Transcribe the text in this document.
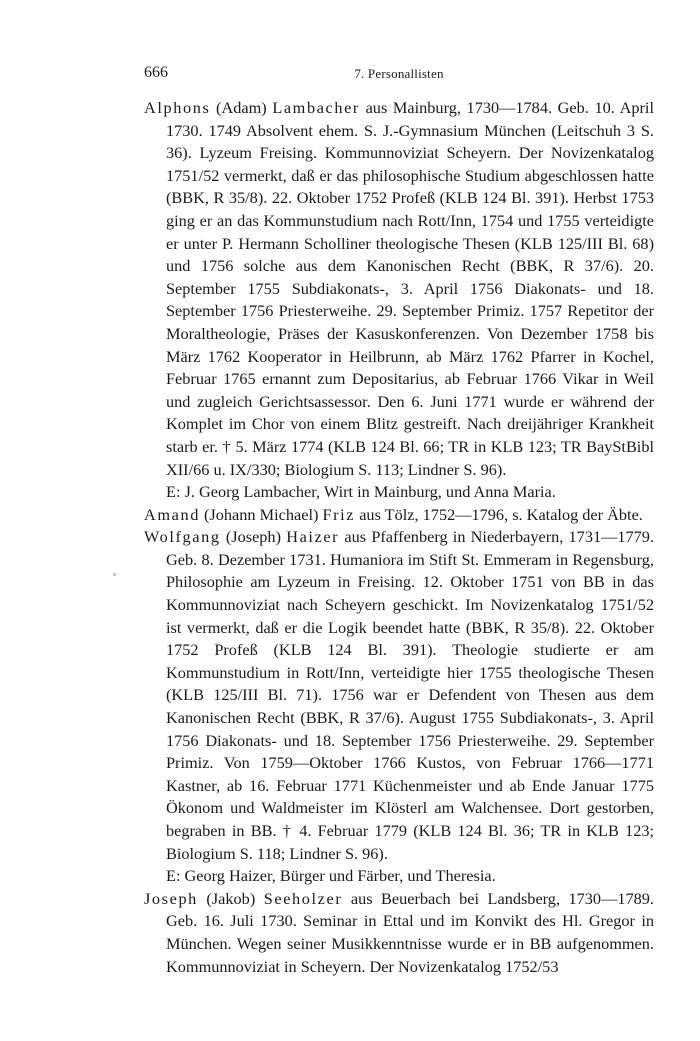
666	7. Personallisten

Alphons (Adam) Lambacher aus Mainburg, 1730—1784. Geb. 10. April 1730. 1749 Absolvent ehem. S. J.-Gymnasium München (Leitschuh 3 S. 36). Lyzeum Freising. Kommunnoviziat Scheyern. Der Novizenkatalog 1751/52 vermerkt, daß er das philosophische Studium abgeschlossen hatte (BBK, R 35/8). 22. Oktober 1752 Profeß (KLB 124 Bl. 391). Herbst 1753 ging er an das Kommunstudium nach Rott/Inn, 1754 und 1755 verteidigte er unter P. Hermann Scholliner theologische Thesen (KLB 125/III Bl. 68) und 1756 solche aus dem Kanonischen Recht (BBK, R 37/6). 20. September 1755 Subdiakonats-, 3. April 1756 Diakonats- und 18. September 1756 Priesterweihe. 29. September Primiz. 1757 Repetitor der Moraltheologie, Präses der Kasuskonferenzen. Von Dezember 1758 bis März 1762 Kooperator in Heilbrunn, ab März 1762 Pfarrer in Kochel, Februar 1765 ernannt zum Depositarius, ab Februar 1766 Vikar in Weil und zugleich Gerichtsassessor. Den 6. Juni 1771 wurde er während der Komplet im Chor von einem Blitz gestreift. Nach dreijähriger Krankheit starb er. † 5. März 1774 (KLB 124 Bl. 66; TR in KLB 123; TR BayStBibl XII/66 u. IX/330; Biologium S. 113; Lindner S. 96).

E: J. Georg Lambacher, Wirt in Mainburg, und Anna Maria.

Amand (Johann Michael) Friz aus Tölz, 1752—1796, s. Katalog der Äbte.

Wolfgang (Joseph) Haizer aus Pfaffenberg in Niederbayern, 1731—1779. Geb. 8. Dezember 1731. Humaniora im Stift St. Emmeram in Regensburg, Philosophie am Lyzeum in Freising. 12. Oktober 1751 von BB in das Kommunnoviziat nach Scheyern geschickt. Im Novizenkatalog 1751/52 ist vermerkt, daß er die Logik beendet hatte (BBK, R 35/8). 22. Oktober 1752 Profeß (KLB 124 Bl. 391). Theologie studierte er am Kommunstudium in Rott/Inn, verteidigte hier 1755 theologische Thesen (KLB 125/III Bl. 71). 1756 war er Defendent von Thesen aus dem Kanonischen Recht (BBK, R 37/6). August 1755 Subdiakonats-, 3. April 1756 Diakonats- und 18. September 1756 Priesterweihe. 29. September Primiz. Von 1759—Oktober 1766 Kustos, von Februar 1766—1771 Kastner, ab 16. Februar 1771 Küchenmeister und ab Ende Januar 1775 Ökonom und Waldmeister im Klösterl am Walchensee. Dort gestorben, begraben in BB. † 4. Februar 1779 (KLB 124 Bl. 36; TR in KLB 123; Biologium S. 118; Lindner S. 96).

E: Georg Haizer, Bürger und Färber, und Theresia.

Joseph (Jakob) Seeholzer aus Beuerbach bei Landsberg, 1730—1789. Geb. 16. Juli 1730. Seminar in Ettal und im Konvikt des Hl. Gregor in München. Wegen seiner Musikkenntnisse wurde er in BB aufgenommen. Kommunnoviziat in Scheyern. Der Novizenkatalog 1752/53
